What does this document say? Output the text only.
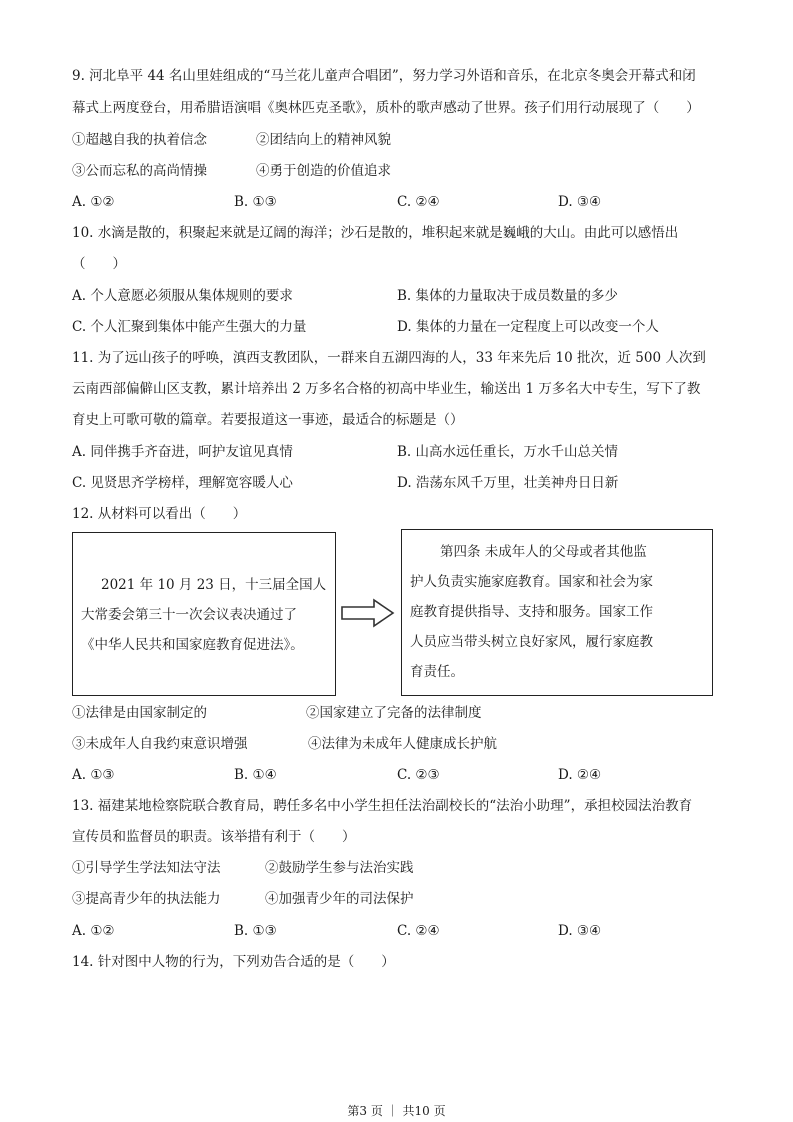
9. 河北阜平 44 名山里娃组成的“马兰花儿童声合唱团”，努力学习外语和音乐，在北京冬奥会开幕式和闭
幕式上两度登台，用希腊语演唱《奥林匹克圣歌》，质朴的歌声感动了世界。孩子们用行动展现了（　　）
①超越自我的执着信念	②团结向上的精神风貌
③公而忘私的高尚情操	④勇于创造的价值追求
A. ①②	B. ①③	C. ②④	D. ③④
10. 水滴是散的，积聚起来就是辽阔的海洋；沙石是散的，堆积起来就是巍峨的大山。由此可以感悟出
（　　）
A. 个人意愿必须服从集体规则的要求	B. 集体的力量取决于成员数量的多少
C. 个人汇聚到集体中能产生强大的力量	D. 集体的力量在一定程度上可以改变一个人
11. 为了远山孩子的呼唤，滇西支教团队，一群来自五湖四海的人，33 年来先后 10 批次，近 500 人次到
云南西部偏僻山区支教，累计培养出 2 万多名合格的初高中毕业生，输送出 1 万多名大中专生，写下了教
育史上可歌可敬的篇章。若要报道这一事迹，最适合的标题是（）
A. 同伴携手齐奋进，呵护友谊见真情	B. 山高水远任重长，万水千山总关情
C. 见贤思齐学榜样，理解宽容暖人心	D. 浩荡东风千万里，壮美神舟日日新
12. 从材料可以看出（　　）
2021 年 10 月 23 日，十三届全国人
大常委会第三十一次会议表决通过了
《中华人民共和国家庭教育促进法》。
第四条 未成年人的父母或者其他监
护人负责实施家庭教育。国家和社会为家
庭教育提供指导、支持和服务。国家工作
人员应当带头树立良好家风，履行家庭教
育责任。
①法律是由国家制定的	②国家建立了完备的法律制度
③未成年人自我约束意识增强	④法律为未成年人健康成长护航
A. ①③	B. ①④	C. ②③	D. ②④
13. 福建某地检察院联合教育局，聘任多名中小学生担任法治副校长的“法治小助理”，承担校园法治教育
宣传员和监督员的职责。该举措有利于（　　）
①引导学生学法知法守法	②鼓励学生参与法治实践
③提高青少年的执法能力	④加强青少年的司法保护
A. ①②	B. ①③	C. ②④	D. ③④
14. 针对图中人物的行为，下列劝告合适的是（　　）
第3 页 ｜ 共10 页
